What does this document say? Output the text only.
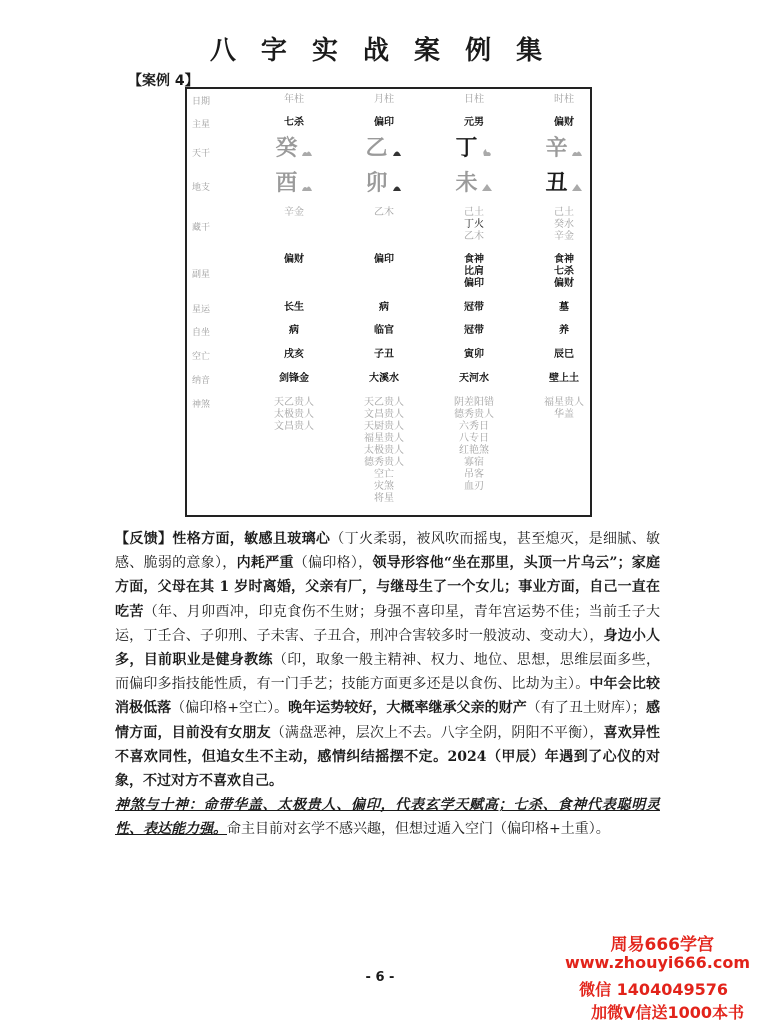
八 字 实 战 案 例 集
【案例 4】
日期
主星
天干
地支
藏干
副星
星运
自坐
空亡
纳音
神煞
年柱
七杀
癸
酉
辛金
偏财
长生
病
戌亥
剑锋金
天乙贵人
太极贵人
文昌贵人
月柱
偏印
乙
卯
乙木
偏印
病
临官
子丑
大溪水
天乙贵人
文昌贵人
天厨贵人
福星贵人
太极贵人
德秀贵人
空亡
灾煞
将星
日柱
元男
丁
未
己土
丁火
乙木
食神
比肩
偏印
冠带
冠带
寅卯
天河水
阴差阳错
德秀贵人
六秀日
八专日
红艳煞
寡宿
吊客
血刃
时柱
偏财
辛
丑
己土
癸水
辛金
食神
七杀
偏财
墓
养
辰巳
壁上土
福星贵人
华盖
【反馈】性格方面，敏感且玻璃心（丁火柔弱，被风吹而摇曳，甚至熄灭，是细腻、敏感、脆弱的意象），内耗严重（偏印格），领导形容他“坐在那里，头顶一片乌云”；家庭方面，父母在其 1 岁时离婚，父亲有厂，与继母生了一个女儿；事业方面，自己一直在吃苦（年、月卯酉冲，印克食伤不生财；身强不喜印星，青年宫运势不佳；当前壬子大运，丁壬合、子卯刑、子未害、子丑合，刑冲合害较多时一般波动、变动大），身边小人多，目前职业是健身教练（印，取象一般主精神、权力、地位、思想，思维层面多些，而偏印多指技能性质，有一门手艺；技能方面更多还是以食伤、比劫为主）。中年会比较消极低落（偏印格+空亡）。晚年运势较好，大概率继承父亲的财产（有了丑土财库）；感情方面，目前没有女朋友（满盘恶神，层次上不去。八字全阴，阴阳不平衡），喜欢异性不喜欢同性，但追女生不主动，感情纠结摇摆不定。2024（甲辰）年遇到了心仪的对象，不过对方不喜欢自己。
神煞与十神：命带华盖、太极贵人、偏印，代表玄学天赋高；七杀、食神代表聪明灵性、表达能力强。命主目前对玄学不感兴趣，但想过遁入空门（偏印格+土重）。
- 6 -
周易666学宫
www.zhouyi666.com
微信 1404049576
加微V信送1000本书
